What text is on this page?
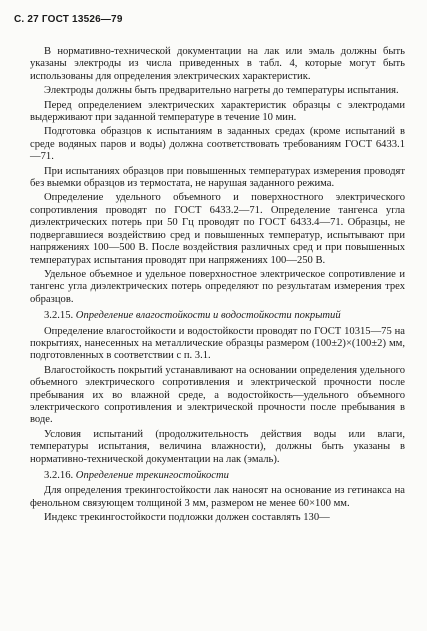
С. 27 ГОСТ 13526—79

В нормативно-технической документации на лак или эмаль должны быть указаны электроды из числа приведенных в табл. 4, которые могут быть использованы для определения электрических характеристик.

Электроды должны быть предварительно нагреты до температуры испытания.

Перед определением электрических характеристик образцы с электродами выдерживают при заданной температуре в течение 10 мин.

Подготовка образцов к испытаниям в заданных средах (кроме испытаний в среде водяных паров и воды) должна соответствовать требованиям ГОСТ 6433.1—71.

При испытаниях образцов при повышенных температурах измерения проводят без выемки образцов из термостата, не нарушая заданного режима.

Определение удельного объемного и поверхностного электрического сопротивления проводят по ГОСТ 6433.2—71. Определение тангенса угла диэлектрических потерь при 50 Гц проводят по ГОСТ 6433.4—71. Образцы, не подвергавшиеся воздействию сред и повышенных температур, испытывают при напряжениях 100—500 В. После воздействия различных сред и при повышенных температурах испытания проводят при напряжениях 100—250 В.

Удельное объемное и удельное поверхностное электрическое сопротивление и тангенс угла диэлектрических потерь определяют по результатам измерения трех образцов.

3.2.15. Определение влагостойкости и водостойкости покрытий

Определение влагостойкости и водостойкости проводят по ГОСТ 10315—75 на покрытиях, нанесенных на металлические образцы размером (100±2)×(100±2) мм, подготовленных в соответствии с п. 3.1.

Влагостойкость покрытий устанавливают на основании определения удельного объемного электрического сопротивления и электрической прочности после пребывания их во влажной среде, а водостойкость—удельного объемного электрического сопротивления и электрической прочности после пребывания в воде.

Условия испытаний (продолжительность действия воды или влаги, температуры испытания, величина влажности), должны быть указаны в нормативно-технической документации на лак (эмаль).

3.2.16. Определение трекингостойкости

Для определения трекингостойкости лак наносят на основание из гетинакса на фенольном связующем толщиной 3 мм, размером не менее 60×100 мм.

Индекс трекингостойкости подложки должен составлять 130—
